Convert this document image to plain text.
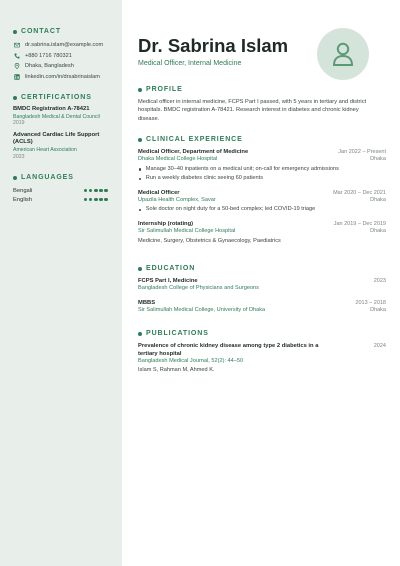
CONTACT
dr.sabrina.islam@example.com
+880 1716 780321
Dhaka, Bangladesh
linkedin.com/in/drsabrinaislam
CERTIFICATIONS
BMDC Registration A-78421
Bangladesh Medical & Dental Council
2019
Advanced Cardiac Life Support (ACLS)
American Heart Association
2023
LANGUAGES
Bengali
English
Dr. Sabrina Islam
Medical Officer, Internal Medicine
PROFILE
Medical officer in internal medicine, FCPS Part I passed, with 5 years in tertiary and district hospitals. BMDC registration A-78421. Research interest in diabetes and chronic kidney disease.
CLINICAL EXPERIENCE
Medical Officer, Department of Medicine	Jan 2022 – Present
Dhaka Medical College Hospital	Dhaka
Manage 30–40 inpatients on a medical unit; on-call for emergency admissions
Run a weekly diabetes clinic seeing 60 patients
Medical Officer	Mar 2020 – Dec 2021
Upazila Health Complex, Savar	Dhaka
Sole doctor on night duty for a 50-bed complex; led COVID-19 triage
Internship (rotating)	Jan 2019 – Dec 2019
Sir Salimullah Medical College Hospital	Dhaka
Medicine, Surgery, Obstetrics & Gynaecology, Paediatrics
EDUCATION
FCPS Part I, Medicine	2023
Bangladesh College of Physicians and Surgeons
MBBS	2013 – 2018
Sir Salimullah Medical College, University of Dhaka	Dhaka
PUBLICATIONS
Prevalence of chronic kidney disease among type 2 diabetics in a tertiary hospital
2024
Bangladesh Medical Journal, 52(2): 44–50
Islam S, Rahman M, Ahmed K.
